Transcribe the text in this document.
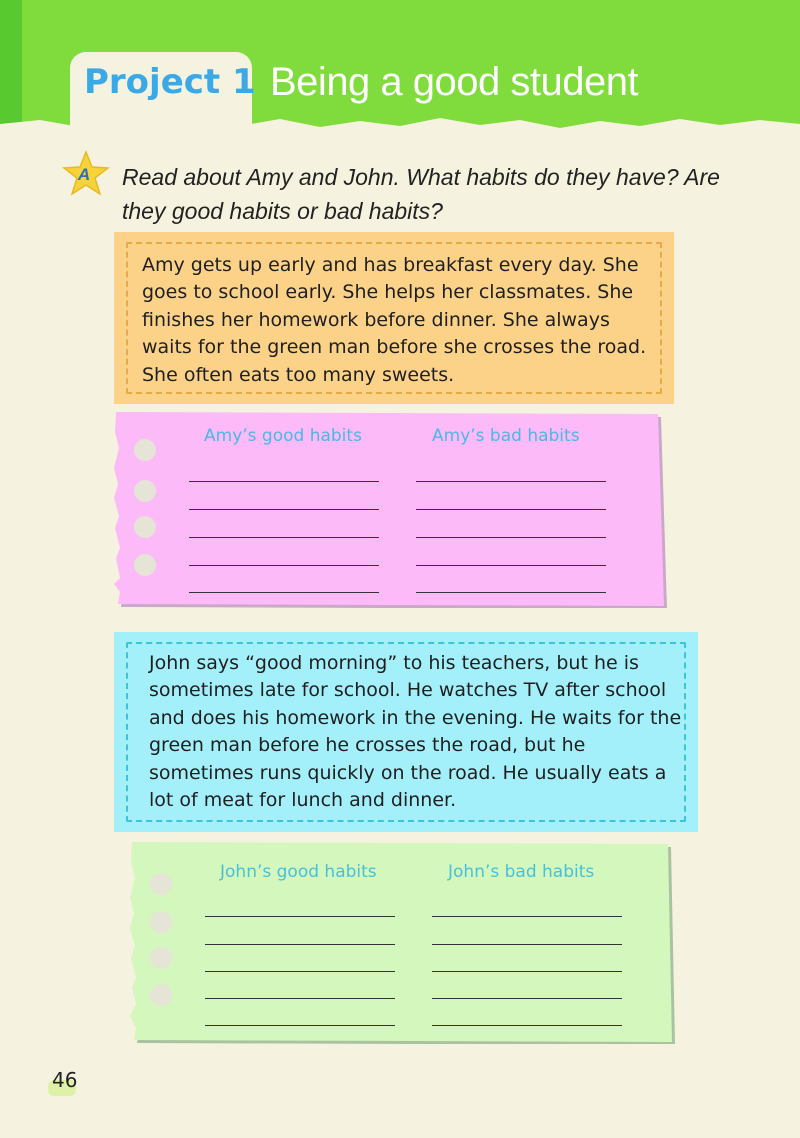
Project 1 Being a good student
A Read about Amy and John. What habits do they have? Are they good habits or bad habits?
Amy gets up early and has breakfast every day. She goes to school early. She helps her classmates. She finishes her homework before dinner. She always waits for the green man before she crosses the road. She often eats too many sweets.
Amy’s good habits	Amy’s bad habits
John says “good morning” to his teachers, but he is sometimes late for school. He watches TV after school and does his homework in the evening. He waits for the green man before he crosses the road, but he sometimes runs quickly on the road. He usually eats a lot of meat for lunch and dinner.
John’s good habits	John’s bad habits
46
